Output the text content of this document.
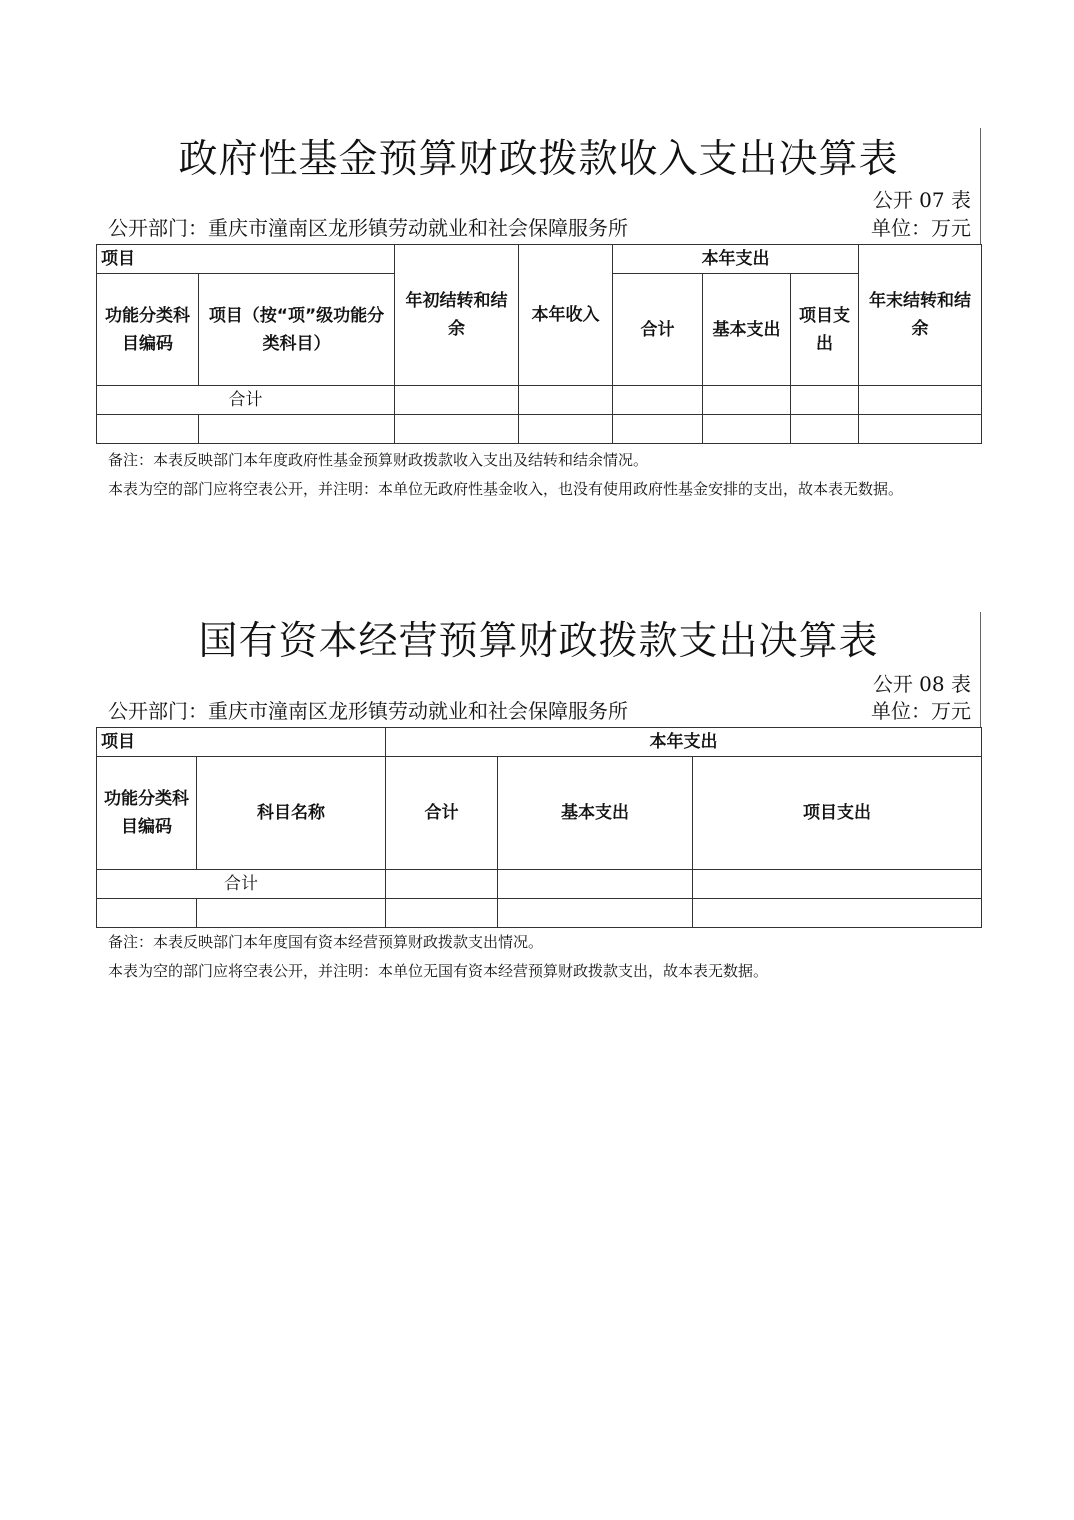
政府性基金预算财政拨款收入支出决算表
公开 07 表
公开部门：重庆市潼南区龙形镇劳动就业和社会保障服务所	单位：万元
项目		年初结转和结余	本年收入	本年支出			年末结转和结余
功能分类科目编码	项目（按“项”级功能分类科目）			合计	基本支出	项目支出	
合计							

备注：本表反映部门本年度政府性基金预算财政拨款收入支出及结转和结余情况。
本表为空的部门应将空表公开，并注明：本单位无政府性基金收入，也没有使用政府性基金安排的支出，故本表无数据。
国有资本经营预算财政拨款支出决算表
公开 08 表
公开部门：重庆市潼南区龙形镇劳动就业和社会保障服务所	单位：万元
项目		本年支出		
功能分类科目编码	科目名称	合计	基本支出	项目支出
合计				

备注：本表反映部门本年度国有资本经营预算财政拨款支出情况。
本表为空的部门应将空表公开，并注明：本单位无国有资本经营预算财政拨款支出，故本表无数据。
